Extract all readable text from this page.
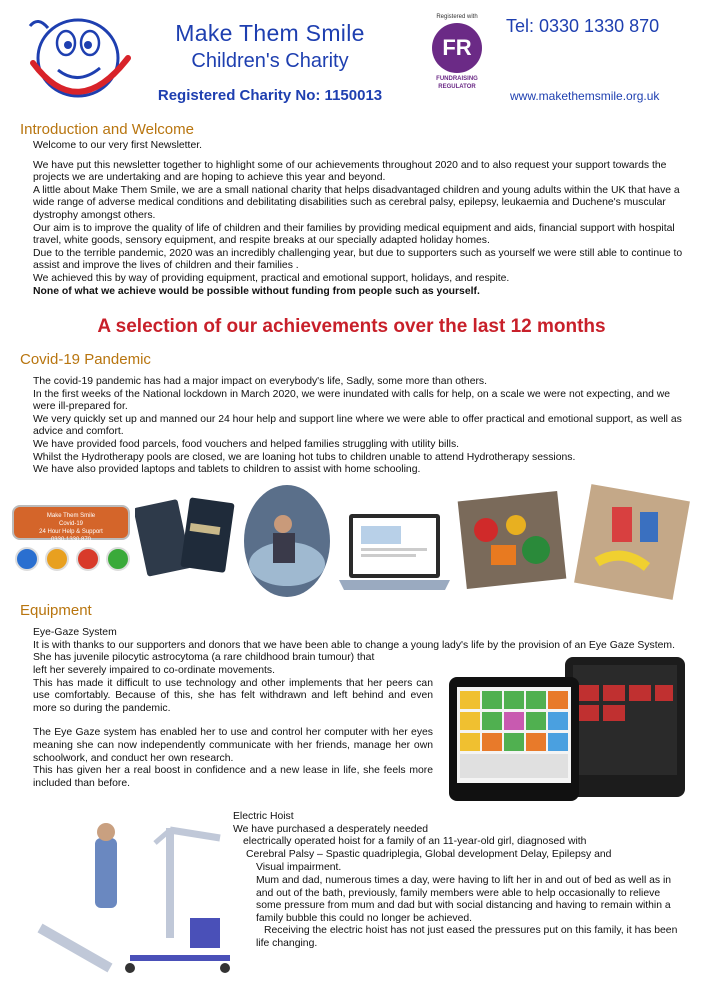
Make Them Smile
Children's Charity
Registered Charity No: 1150013
Registered with
FR
FUNDRAISING
REGULATOR
Tel: 0330 1330 870
www.makethemsmile.org.uk
Introduction and Welcome

Welcome to our very first Newsletter.

We have put this newsletter together to highlight some of our achievements throughout 2020 and to also request your support towards the projects we are undertaking and are hoping to achieve this year and beyond.

A little about Make Them Smile, we are a small national charity that helps disadvantaged children and young adults within the UK that have a wide range of adverse medical conditions and debilitating disabilities such as cerebral palsy, epilepsy, leukaemia and Duchene's muscular dystrophy amongst others.

Our aim is to improve the quality of life of children and their families by providing medical equipment and aids, financial support with hospital travel, white goods, sensory equipment, and respite breaks at our specially adapted holiday homes.

Due to the terrible pandemic, 2020 was an incredibly challenging year, but due to supporters such as yourself we were still able to continue to assist and improve the lives of children and their families .

We achieved this by way of providing equipment, practical and emotional support, holidays, and respite.

None of what we achieve would be possible without funding from people such as yourself.

A selection of our achievements over the last 12 months
Covid-19 Pandemic

The covid-19 pandemic has had a major impact on everybody's life, Sadly, some more than others.

In the first weeks of the National lockdown in March 2020, we were inundated with calls for help, on a scale we were not expecting, and we were ill-prepared for.

We very quickly set up and manned our 24 hour help and support line where we were able to offer practical and emotional support, as well as advice and comfort.

We have provided food parcels, food vouchers and helped families struggling with utility bills.

Whilst the Hydrotherapy pools are closed, we are loaning hot tubs to children unable to attend Hydrotherapy sessions.

We have also provided laptops and tablets to children to assist with home schooling.

Make Them Smile
Covid-19
24 Hour Help & Support
0330 1330 870

Equipment

Eye-Gaze System

It is with thanks to our supporters and donors that we have been able to change a young lady's life by the provision of an Eye Gaze System. She has juvenile pilocytic astrocytoma (a rare childhood brain tumour) that

left her severely impaired to co-ordinate movements.

This has made it difficult to use technology and other implements that her peers can use comfortably. Because of this, she has felt withdrawn and left behind and even more so during the pandemic.

The Eye Gaze system has enabled her to use and control her computer with her eyes meaning she can now independently communicate with her friends, manage her own schoolwork, and conduct her own research.

This has given her a real boost in confidence and a new lease in life, she feels more included than before.

Electric Hoist

We have purchased a desperately needed

electrically operated hoist for a family of an 11-year-old girl, diagnosed with

Cerebral Palsy – Spastic quadriplegia, Global development Delay, Epilepsy and

Visual impairment.

Mum and dad, numerous times a day, were having to lift her in and out of bed as well as in and out of the bath, previously, family members were able to help occasionally to relieve some pressure from mum and dad but with social distancing and having to remain within a family bubble this could no longer be achieved.

Receiving the electric hoist has not just eased the pressures put on this family, it has been life changing.
